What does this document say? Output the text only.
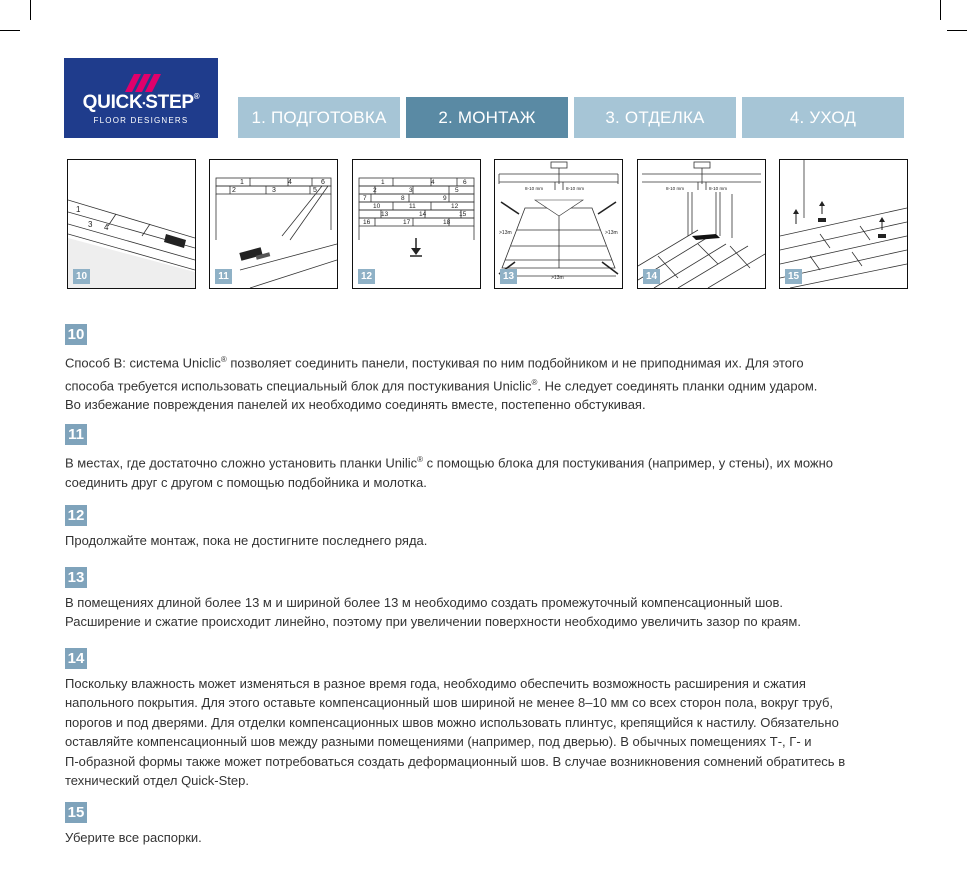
QUICK•STEP®
FLOOR DESIGNERS	1. ПОДГОТОВКА	2. МОНТАЖ	3. ОТДЕЛКА	4. УХОД
1
3 4
10
1	4	6
2	3	5
11
1	4	6
2	3	5
7	8	9
10	11	12
13	14	15
16	17	18
12
8-10 mm	8-10 mm
>13m	>13m
>13m
13
8-10 mm	8-10 mm
14	15
10

Способ B: система Uniclic® позволяет соединить панели, постукивая по ним подбойником и не приподнимая их. Для этого

способа требуется использовать специальный блок для постукивания Uniclic®. Не следует соединять планки одним ударом.

Во избежание повреждения панелей их необходимо соединять вместе, постепенно обстукивая.

11

В местах, где достаточно сложно установить планки Unilic® с помощью блока для постукивания (например, у стены), их можно

соединить друг с другом с помощью подбойника и молотка.

12

Продолжайте монтаж, пока не достигните последнего ряда.

13

В помещениях длиной более 13 м и шириной более 13 м необходимо создать промежуточный компенсационный шов.

Расширение и сжатие происходит линейно, поэтому при увеличении поверхности необходимо увеличить зазор по краям.

14

Поскольку влажность может изменяться в разное время года, необходимо обеспечить возможность расширения и сжатия

напольного покрытия. Для этого оставьте компенсационный шов шириной не менее 8–10 мм со всех сторон пола, вокруг труб,

порогов и под дверями. Для отделки компенсационных швов можно использовать плинтус, крепящийся к настилу. Обязательно

оставляйте компенсационный шов между разными помещениями (например, под дверью). В обычных помещениях Т-, Г- и

П-образной формы также может потребоваться создать деформационный шов. В случае возникновения сомнений обратитесь в

технический отдел Quick-Step.

15

Уберите все распорки.
